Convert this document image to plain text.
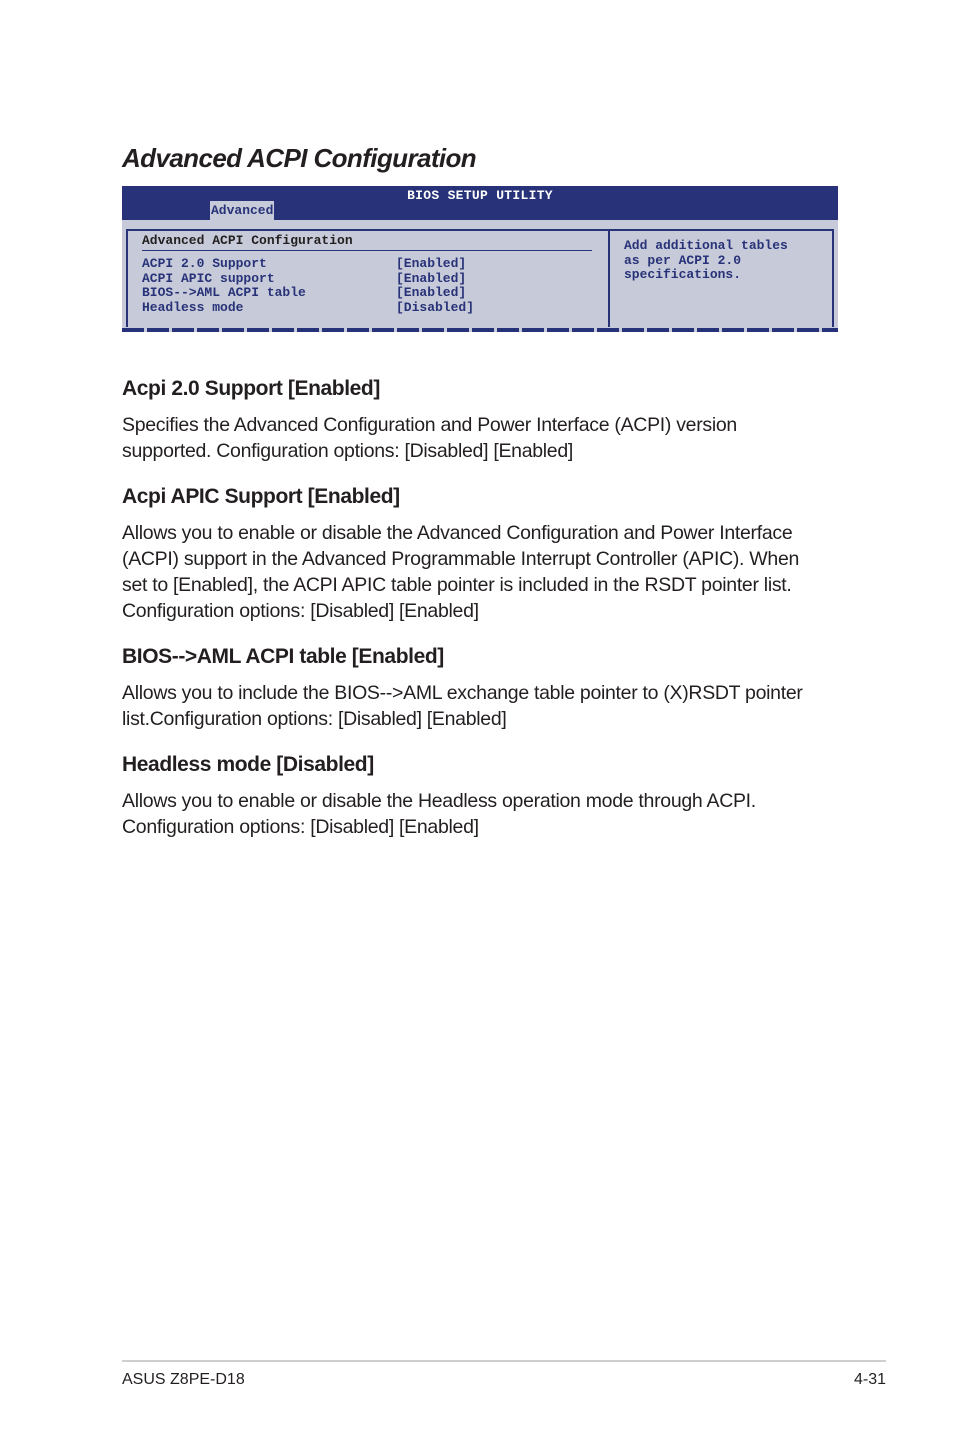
Advanced ACPI Configuration
BIOS SETUP UTILITY
Advanced
Advanced ACPI Configuration
ACPI 2.0 Support	[Enabled]
ACPI APIC support	[Enabled]
BIOS-->AML ACPI table	[Enabled]
Headless mode	[Disabled]
Add additional tables
as per ACPI 2.0
specifications.
Acpi 2.0 Support [Enabled]
Specifies the Advanced Configuration and Power Interface (ACPI) version
supported. Configuration options: [Disabled] [Enabled]
Acpi APIC Support [Enabled]
Allows you to enable or disable the Advanced Configuration and Power Interface
(ACPI) support in the Advanced Programmable Interrupt Controller (APIC). When
set to [Enabled], the ACPI APIC table pointer is included in the RSDT pointer list.
Configuration options: [Disabled] [Enabled]
BIOS-->AML ACPI table [Enabled]
Allows you to include the BIOS-->AML exchange table pointer to (X)RSDT pointer
list.Configuration options: [Disabled] [Enabled]
Headless mode [Disabled]
Allows you to enable or disable the Headless operation mode through ACPI.
Configuration options: [Disabled] [Enabled]
ASUS Z8PE-D18	4-31
